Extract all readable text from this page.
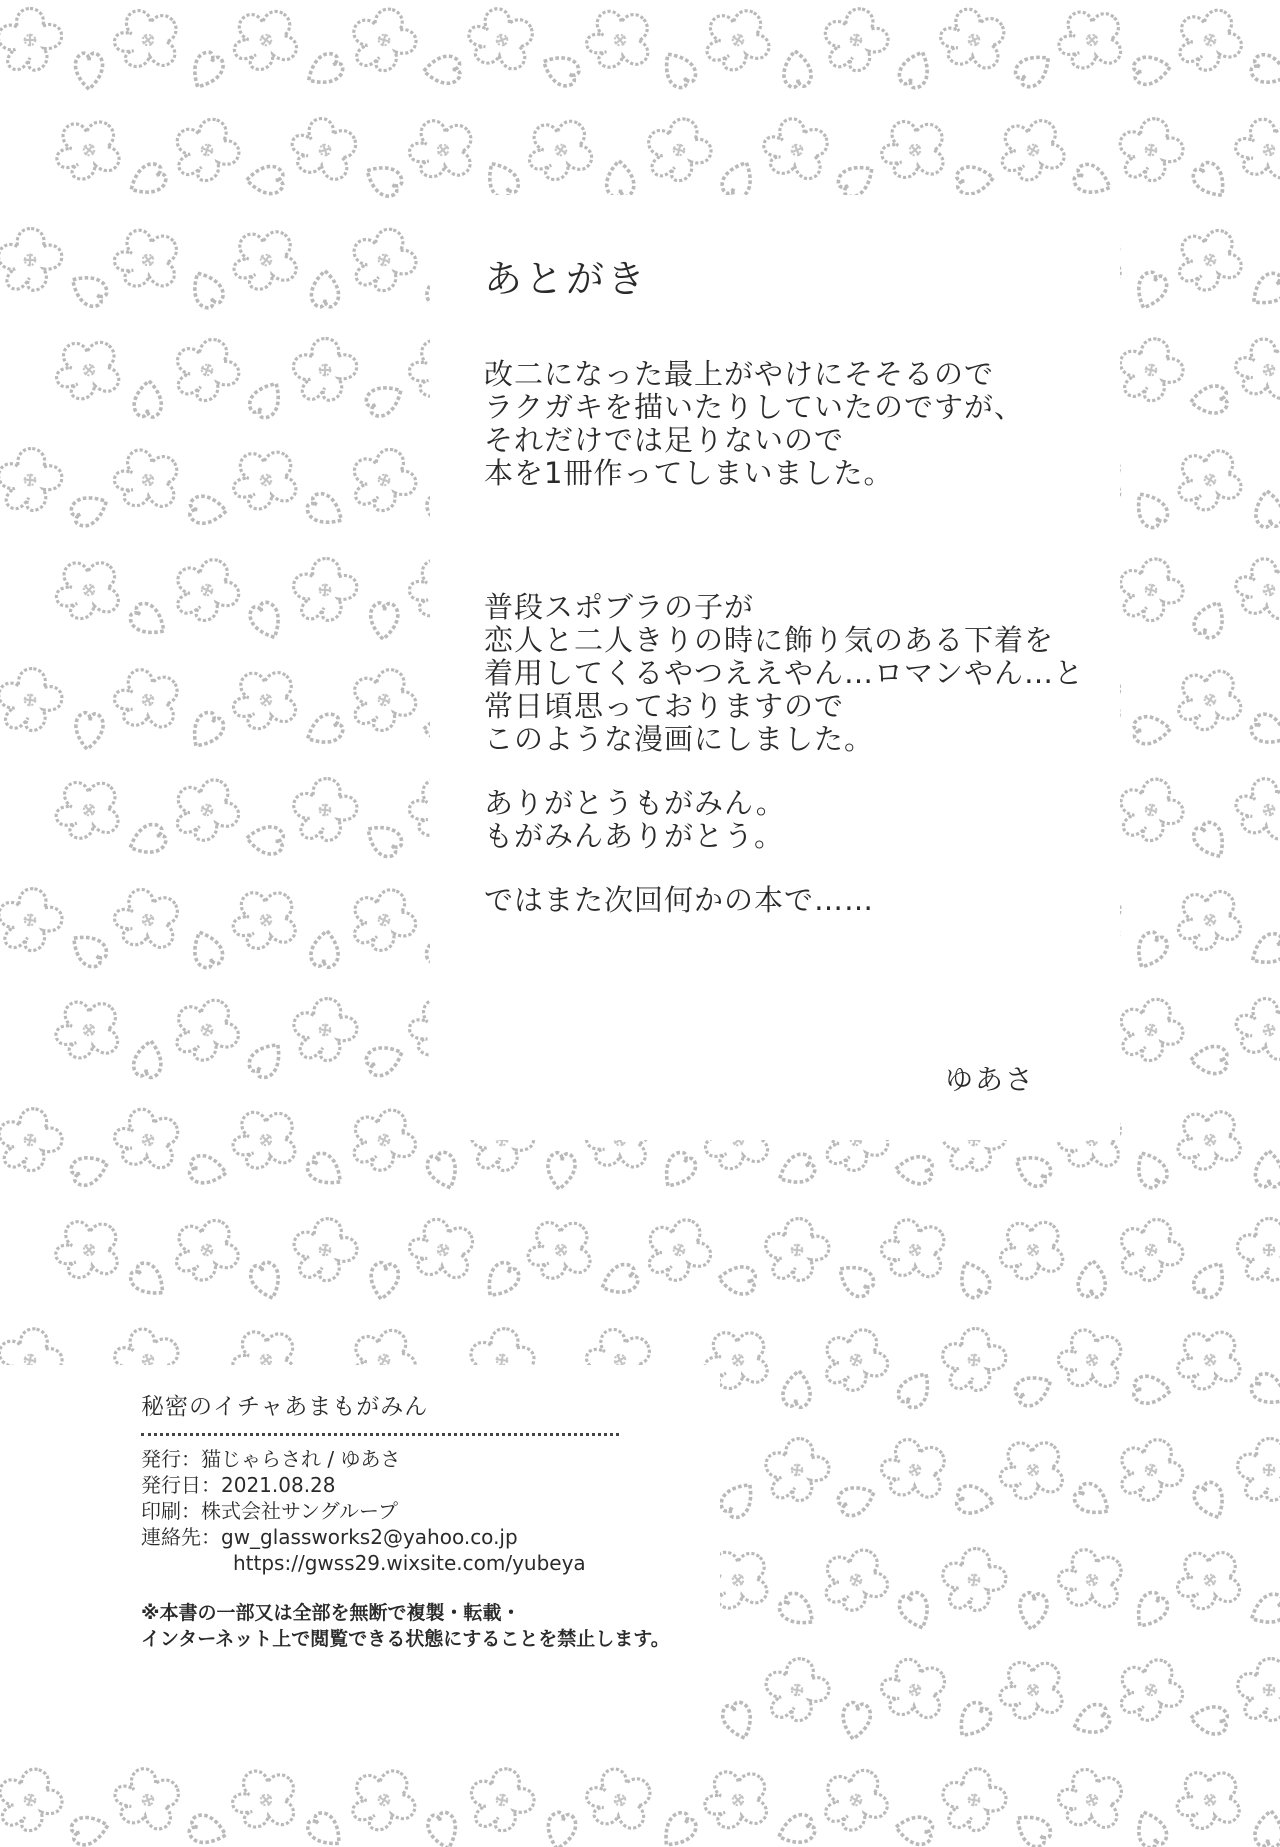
あとがき

改二になった最上がやけにそそるので
ラクガキを描いたりしていたのですが、
それだけでは足りないので
本を1冊作ってしまいました。

普段スポブラの子が
恋人と二人きりの時に飾り気のある下着を
着用してくるやつええやん…ロマンやん…と
常日頃思っておりますので
このような漫画にしました。

ありがとうもがみん。
もがみんありがとう。

ではまた次回何かの本で……

ゆあさ
秘密のイチャあまもがみん
発行：猫じゃらされ / ゆあさ
発行日：2021.08.28
印刷：株式会社サングループ
連絡先：gw_glassworks2@yahoo.co.jp
https://gwss29.wixsite.com/yubeya
※本書の一部又は全部を無断で複製・転載・
インターネット上で閲覧できる状態にすることを禁止します。
